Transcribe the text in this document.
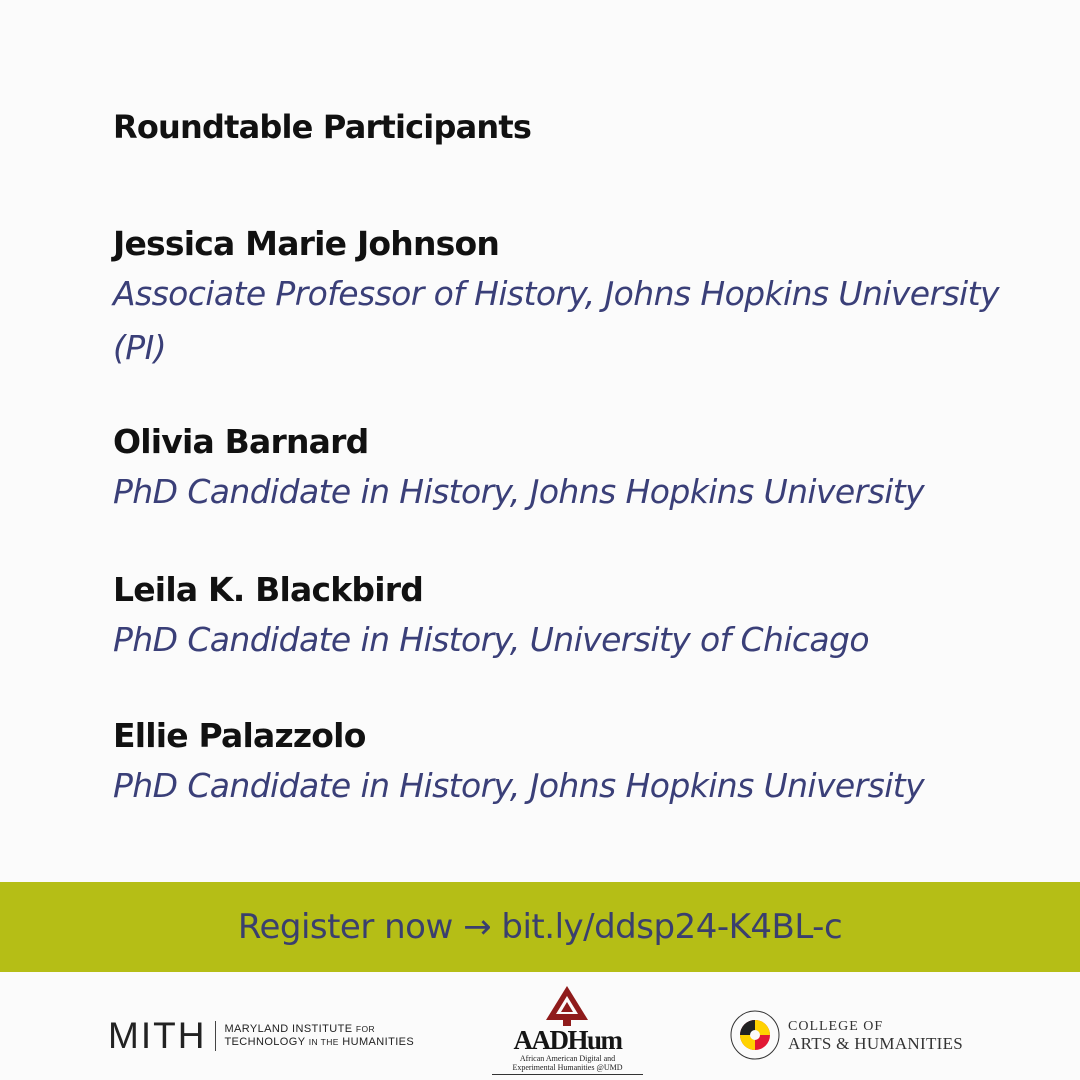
Roundtable Participants
Jessica Marie Johnson
Associate Professor of History, Johns Hopkins University (PI)
Olivia Barnard
PhD Candidate in History, Johns Hopkins University
Leila K. Blackbird
PhD Candidate in History, University of Chicago
Ellie Palazzolo
PhD Candidate in History, Johns Hopkins University
Register now →
bit.ly/ddsp24-K4BL-c
MITH MARYLAND INSTITUTE FOR
TECHNOLOGY IN THE HUMANITIES	AADHum
African American Digital and
Experimental Humanities @UMD
COLLEGE OF
ARTS & HUMANITIES
